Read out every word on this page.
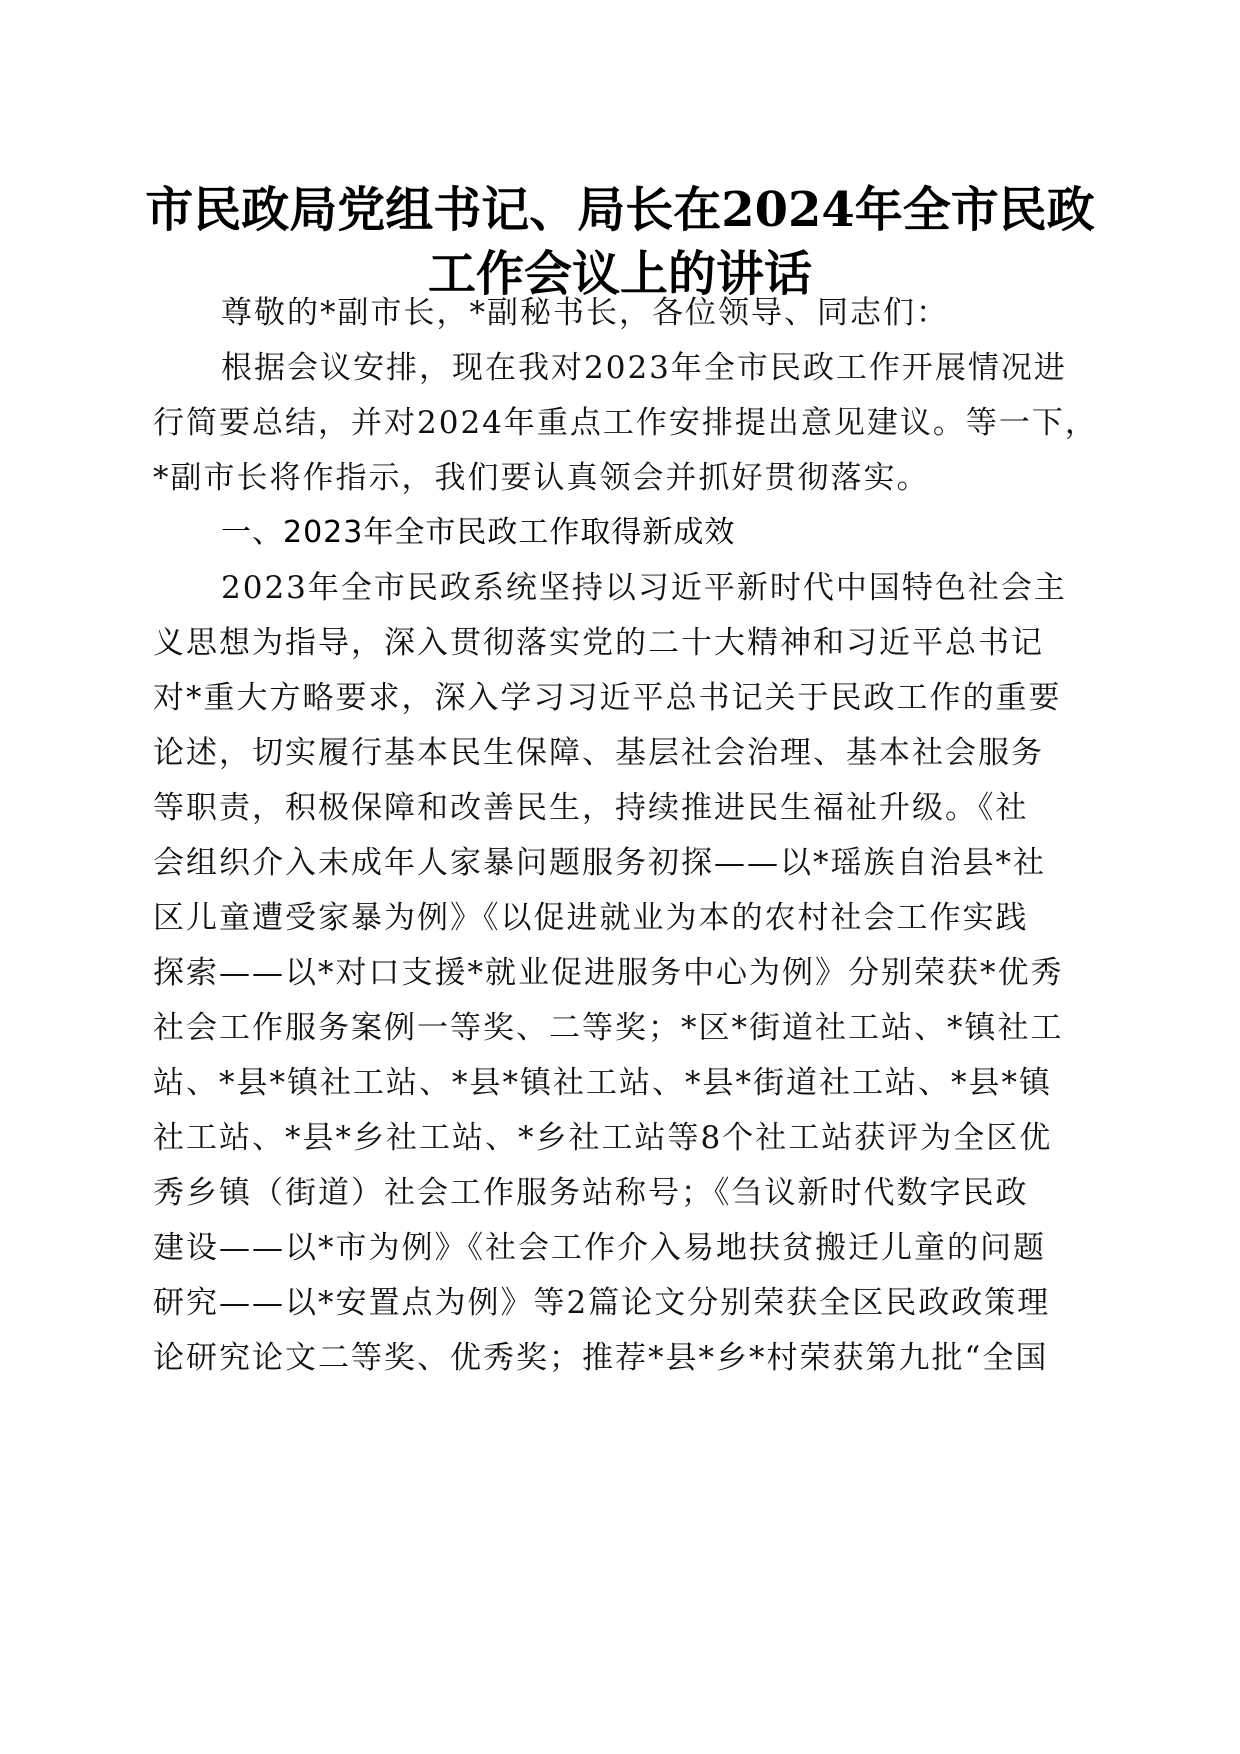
市民政局党组书记、局长在2024年全市民政
工作会议上的讲话
尊敬的*副市长，*副秘书长，各位领导、同志们：
根据会议安排，现在我对2023年全市民政工作开展情况进
行简要总结，并对2024年重点工作安排提出意见建议。等一下，
*副市长将作指示，我们要认真领会并抓好贯彻落实。
一、2023年全市民政工作取得新成效
2023年全市民政系统坚持以习近平新时代中国特色社会主
义思想为指导，深入贯彻落实党的二十大精神和习近平总书记
对*重大方略要求，深入学习习近平总书记关于民政工作的重要
论述，切实履行基本民生保障、基层社会治理、基本社会服务
等职责，积极保障和改善民生，持续推进民生福祉升级。《社
会组织介入未成年人家暴问题服务初探——以*瑶族自治县*社
区儿童遭受家暴为例》《以促进就业为本的农村社会工作实践
探索——以*对口支援*就业促进服务中心为例》分别荣获*优秀
社会工作服务案例一等奖、二等奖；*区*街道社工站、*镇社工
站、*县*镇社工站、*县*镇社工站、*县*街道社工站、*县*镇
社工站、*县*乡社工站、*乡社工站等8个社工站获评为全区优
秀乡镇（街道）社会工作服务站称号；《刍议新时代数字民政
建设——以*市为例》《社会工作介入易地扶贫搬迁儿童的问题
研究——以*安置点为例》等2篇论文分别荣获全区民政政策理
论研究论文二等奖、优秀奖；推荐*县*乡*村荣获第九批“全国
